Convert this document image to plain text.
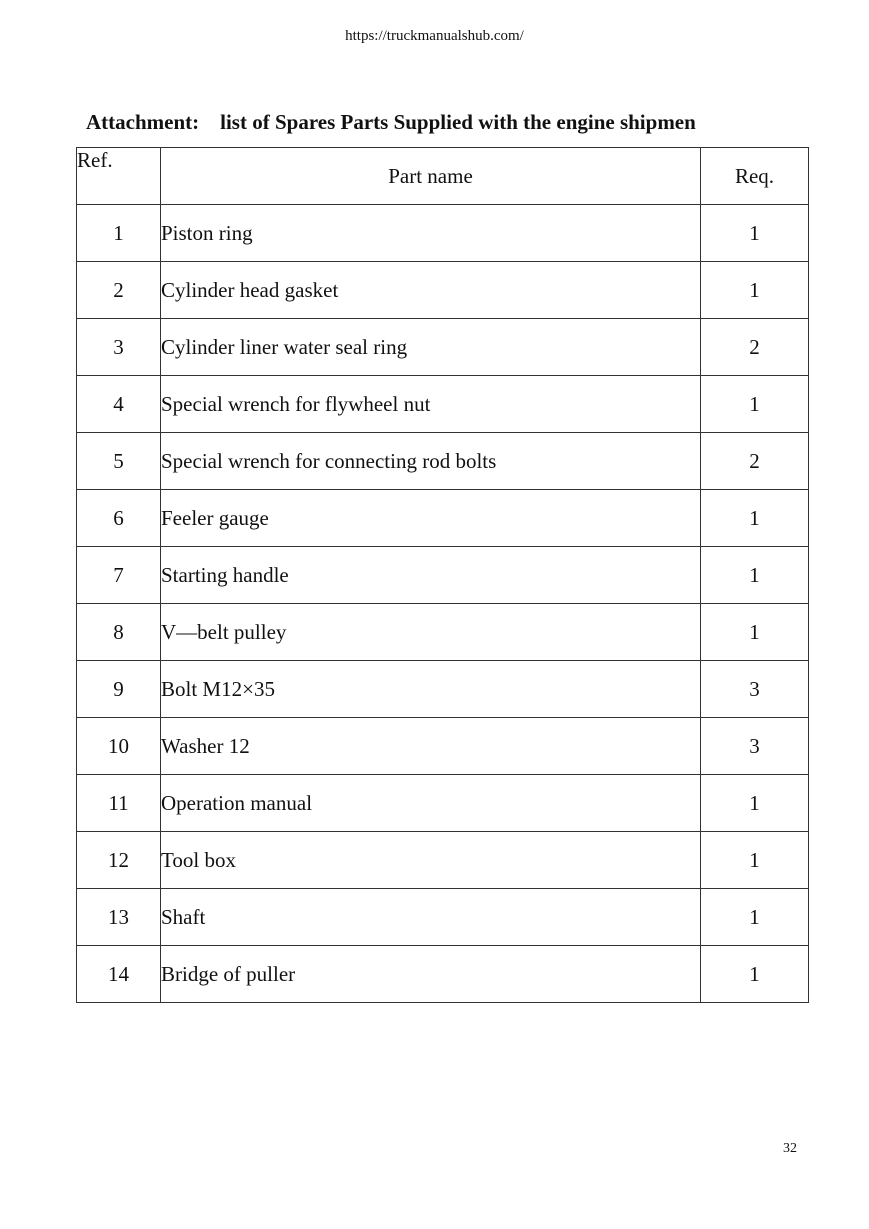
https://truckmanualshub.com/
Attachment:    list of Spares Parts Supplied with the engine shipmen
Ref.	Part name	Req.
1	Piston ring	1
2	Cylinder head gasket	1
3	Cylinder liner water seal ring	2
4	Special wrench for flywheel nut	1
5	Special wrench for connecting rod bolts	2
6	Feeler gauge	1
7	Starting handle	1
8	V—belt pulley	1
9	Bolt M12×35	3
10	Washer 12	3
11	Operation manual	1
12	Tool box	1
13	Shaft	1
14	Bridge of puller	1
32
